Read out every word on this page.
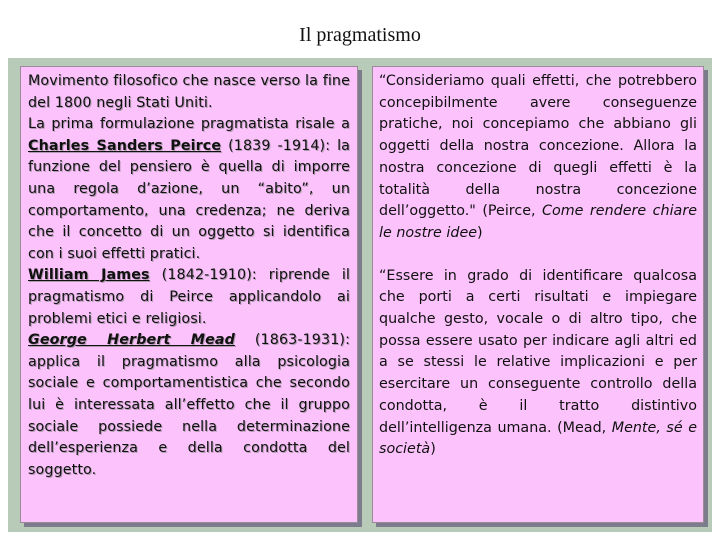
Il pragmatismo
Movimento filosofico che nasce verso la fine del 1800 negli Stati Uniti.
La prima formulazione pragmatista risale a Charles Sanders Peirce (1839 -1914): la funzione del pensiero è quella di imporre una regola d’azione, un “abito”, un comportamento, una credenza; ne deriva che il concetto di un oggetto si identifica con i suoi effetti pratici.
William James (1842-1910): riprende il pragmatismo di Peirce applicandolo ai problemi etici e religiosi.
George Herbert Mead (1863-1931): applica il pragmatismo alla psicologia sociale e comportamentistica che secondo lui è interessata all’effetto che il gruppo sociale possiede nella determinazione dell’esperienza e della condotta del soggetto.

“Consideriamo quali effetti, che potrebbero concepibilmente avere conseguenze pratiche, noi concepiamo che abbiano gli oggetti della nostra concezione. Allora la nostra concezione di quegli effetti è la totalità della nostra concezione dell’oggetto." (Peirce, Come rendere chiare le nostre idee)

“Essere in grado di identificare qualcosa che porti a certi risultati e impiegare qualche gesto, vocale o di altro tipo, che possa essere usato per indicare agli altri ed a se stessi le relative implicazioni e per esercitare un conseguente controllo della condotta, è il tratto distintivo dell’intelligenza umana. (Mead, Mente, sé e società)
